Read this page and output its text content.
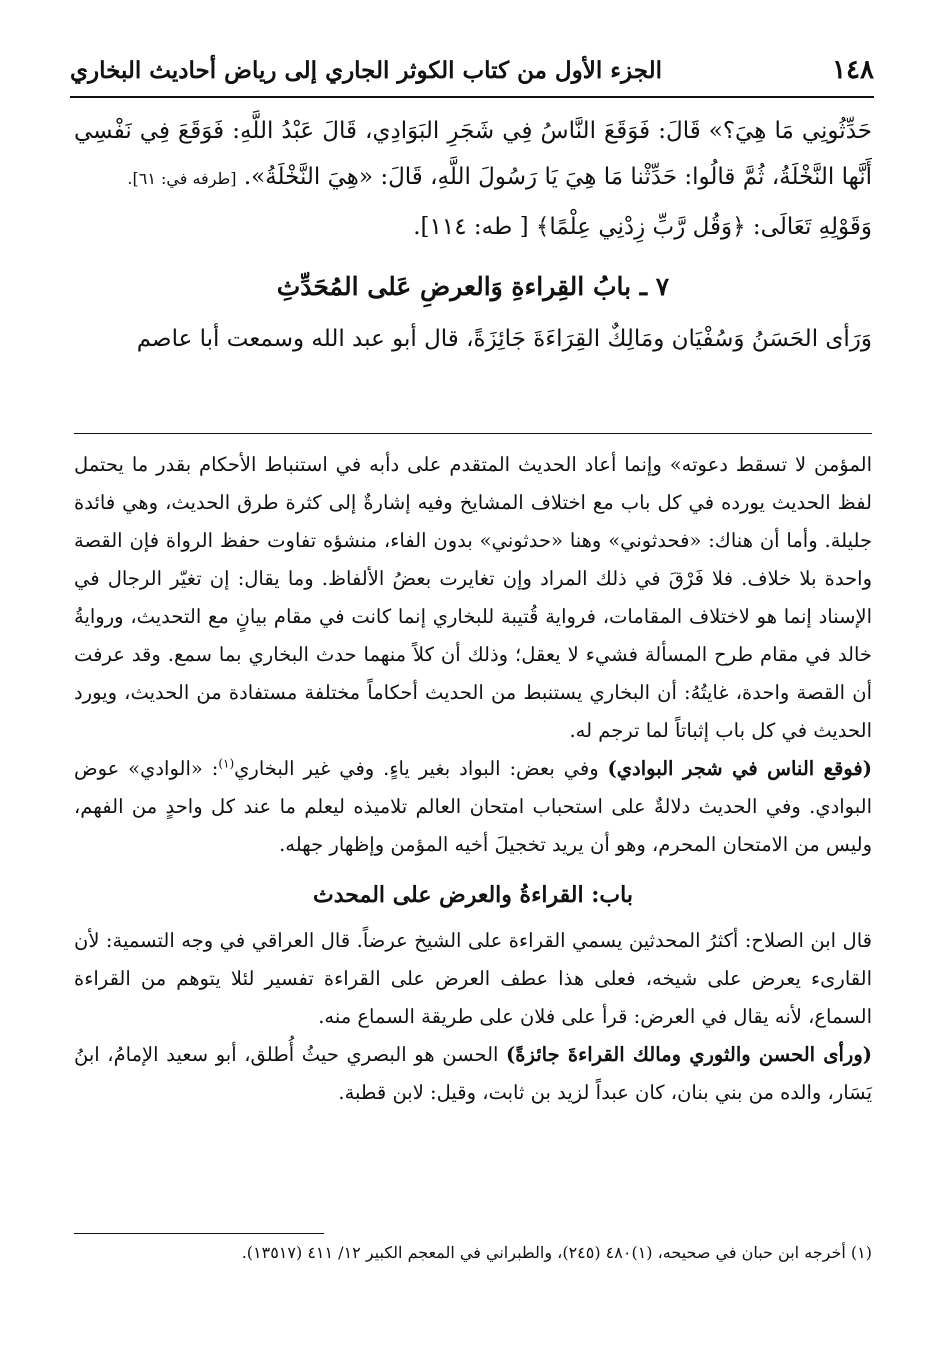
١٤٨
الجزء الأول من كتاب الكوثر الجاري إلى رياض أحاديث البخاري

حَدِّثُونِي مَا هِيَ؟» قَالَ: فَوَقَعَ النَّاسُ فِي شَجَرِ البَوَادِي، قَالَ عَبْدُ اللَّهِ: فَوَقَعَ فِي نَفْسِي أَنَّها النَّخْلَةُ، ثُمَّ قالُوا: حَدِّثْنا مَا هِيَ يَا رَسُولَ اللَّهِ، قَالَ: «هِيَ النَّخْلَةُ». [طرفه في: ٦١].

وَقَوْلِهِ تَعَالَى: ﴿وَقُل رَّبِّ زِدْنِي عِلْمًا﴾ [ طه: ١١٤].

٧ ـ بابُ القِراءةِ وَالعرضِ عَلى المُحَدِّثِ

وَرَأى الحَسَنُ وَسُفْيَان ومَالِكٌ القِرَاءَةَ جَائِزَةً، قال أبو عبد الله وسمعت أبا عاصم

المؤمن لا تسقط دعوته» وإنما أعاد الحديث المتقدم على دأبه في استنباط الأحكام بقدر ما يحتمل لفظ الحديث يورده في كل باب مع اختلاف المشايخ وفيه إشارةٌ إلى كثرة طرق الحديث، وهي فائدة جليلة. وأما أن هناك: «فحدثوني» وهنا «حدثوني» بدون الفاء، منشؤه تفاوت حفظ الرواة فإن القصة واحدة بلا خلاف. فلا فَرْقَ في ذلك المراد وإن تغايرت بعضُ الألفاظ. وما يقال: إن تغيّر الرجال في الإسناد إنما هو لاختلاف المقامات، فرواية قُتيبة للبخاري إنما كانت في مقام بيانٍ مع التحديث، وروايةُ خالد في مقام طرح المسألة فشيء لا يعقل؛ وذلك أن كلاً منهما حدث البخاري بما سمع. وقد عرفت أن القصة واحدة، غايتُهُ: أن البخاري يستنبط من الحديث أحكاماً مختلفة مستفادة من الحديث، ويورد الحديث في كل باب إثباتاً لما ترجم له.

(فوقع الناس في شجر البوادي) وفي بعض: البواد بغير ياءٍ. وفي غير البخاري$^{(١)}$: «الوادي» عوض البوادي. وفي الحديث دلالةٌ على استحباب امتحان العالم تلاميذه ليعلم ما عند كل واحدٍ من الفهم، وليس من الامتحان المحرم، وهو أن يريد تخجيلَ أخيه المؤمن وإظهار جهله.

باب: القراءةُ والعرض على المحدث

قال ابن الصلاح: أكثرُ المحدثين يسمي القراءة على الشيخ عرضاً. قال العراقي في وجه التسمية: لأن القارىء يعرض على شيخه، فعلى هذا عطف العرض على القراءة تفسير لئلا يتوهم من القراءة السماع، لأنه يقال في العرض: قرأ على فلان على طريقة السماع منه.

(ورأى الحسن والثوري ومالك القراءةَ جائزةً) الحسن هو البصري حيثُ أُطلق، أبو سعيد الإمامُ، ابنُ يَسَار، والده من بني بنان، كان عبداً لزيد بن ثابت، وقيل: لابن قطبة.

(١) أخرجه ابن حبان في صحيحه، (١)٤٨٠ (٢٤٥)، والطبراني في المعجم الكبير ١٢/ ٤١١ (١٣٥١٧).
